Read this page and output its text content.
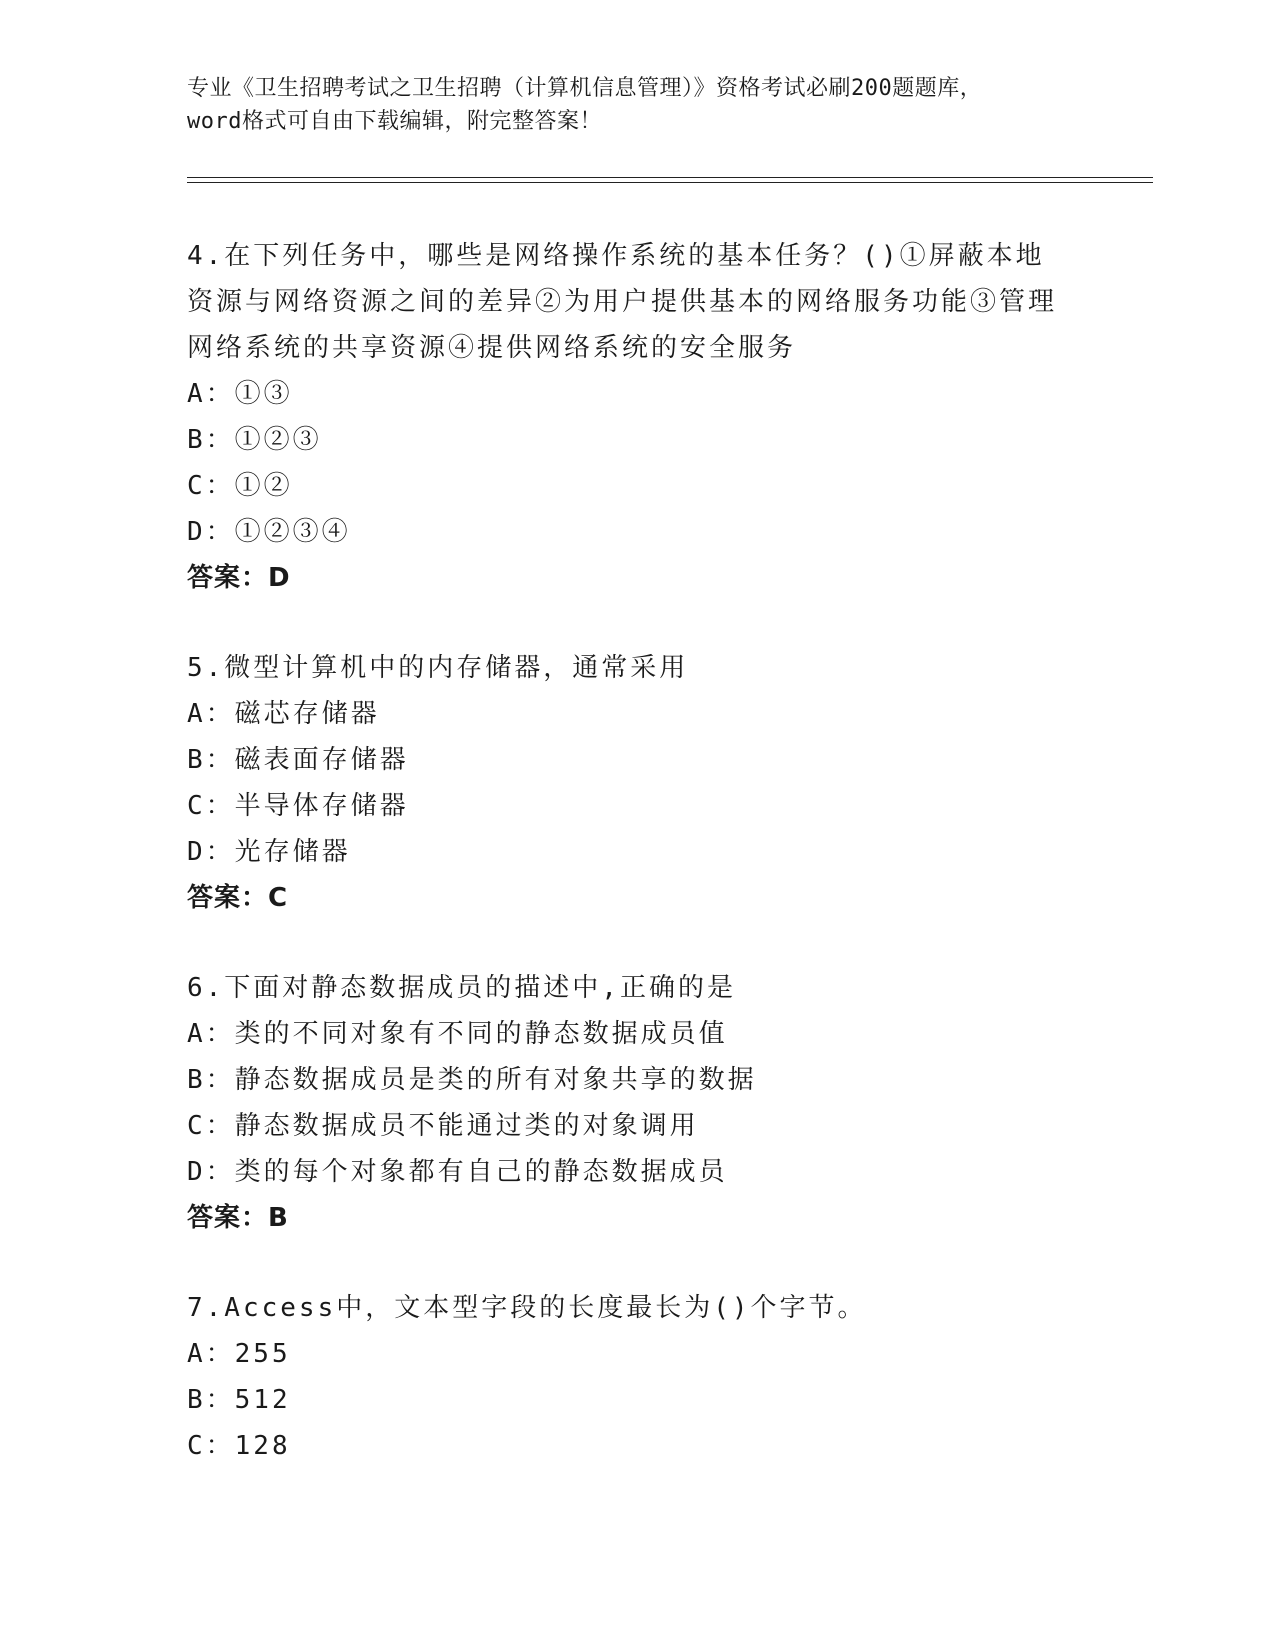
专业《卫生招聘考试之卫生招聘（计算机信息管理）》资格考试必刷200题题库，
word格式可自由下载编辑，附完整答案！
4.在下列任务中，哪些是网络操作系统的基本任务？()①屏蔽本地资源与网络资源之间的差异②为用户提供基本的网络服务功能③管理网络系统的共享资源④提供网络系统的安全服务
A：①③
B：①②③
C：①②
D：①②③④
答案：D
5.微型计算机中的内存储器，通常采用
A：磁芯存储器
B：磁表面存储器
C：半导体存储器
D：光存储器
答案：C
6.下面对静态数据成员的描述中,正确的是
A：类的不同对象有不同的静态数据成员值
B：静态数据成员是类的所有对象共享的数据
C：静态数据成员不能通过类的对象调用
D：类的每个对象都有自己的静态数据成员
答案：B
7.Access中，文本型字段的长度最长为()个字节。
A：255
B：512
C：128
